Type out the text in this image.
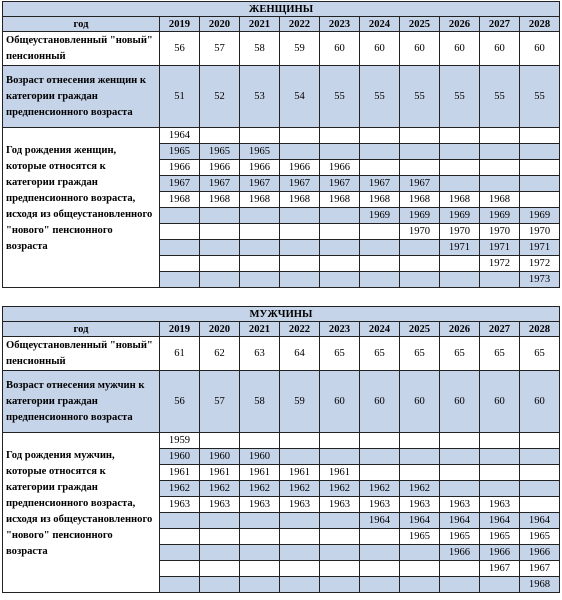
ЖЕНЩИНЫ										
год	2019	2020	2021	2022	2023	2024	2025	2026	2027	2028
Общеустановленный "новый" пенсионный	56	57	58	59	60	60	60	60	60	60
Возраст отнесения женщин к категории граждан предпенсионного возраста	51	52	53	54	55	55	55	55	55	55
Год рождения женщин, которые относятся к категории граждан предпенсионного возраста, исходя из общеустановленного "нового" пенсионного возраста	1964									
	1965	1965	1965							
	1966	1966	1966	1966	1966					
	1967	1967	1967	1967	1967	1967	1967			
	1968	1968	1968	1968	1968	1968	1968	1968	1968	
						1969	1969	1969	1969	1969
							1970	1970	1970	1970
								1971	1971	1971
									1972	1972
										1973
МУЖЧИНЫ										
год	2019	2020	2021	2022	2023	2024	2025	2026	2027	2028
Общеустановленный "новый" пенсионный	61	62	63	64	65	65	65	65	65	65
Возраст отнесения мужчин к категории граждан предпенсионного возраста	56	57	58	59	60	60	60	60	60	60
Год рождения мужчин, которые относятся к категории граждан предпенсионного возраста, исходя из общеустановленного "нового" пенсионного возраста	1959									
	1960	1960	1960							
	1961	1961	1961	1961	1961					
	1962	1962	1962	1962	1962	1962	1962			
	1963	1963	1963	1963	1963	1963	1963	1963	1963	
						1964	1964	1964	1964	1964
							1965	1965	1965	1965
								1966	1966	1966
									1967	1967
										1968
